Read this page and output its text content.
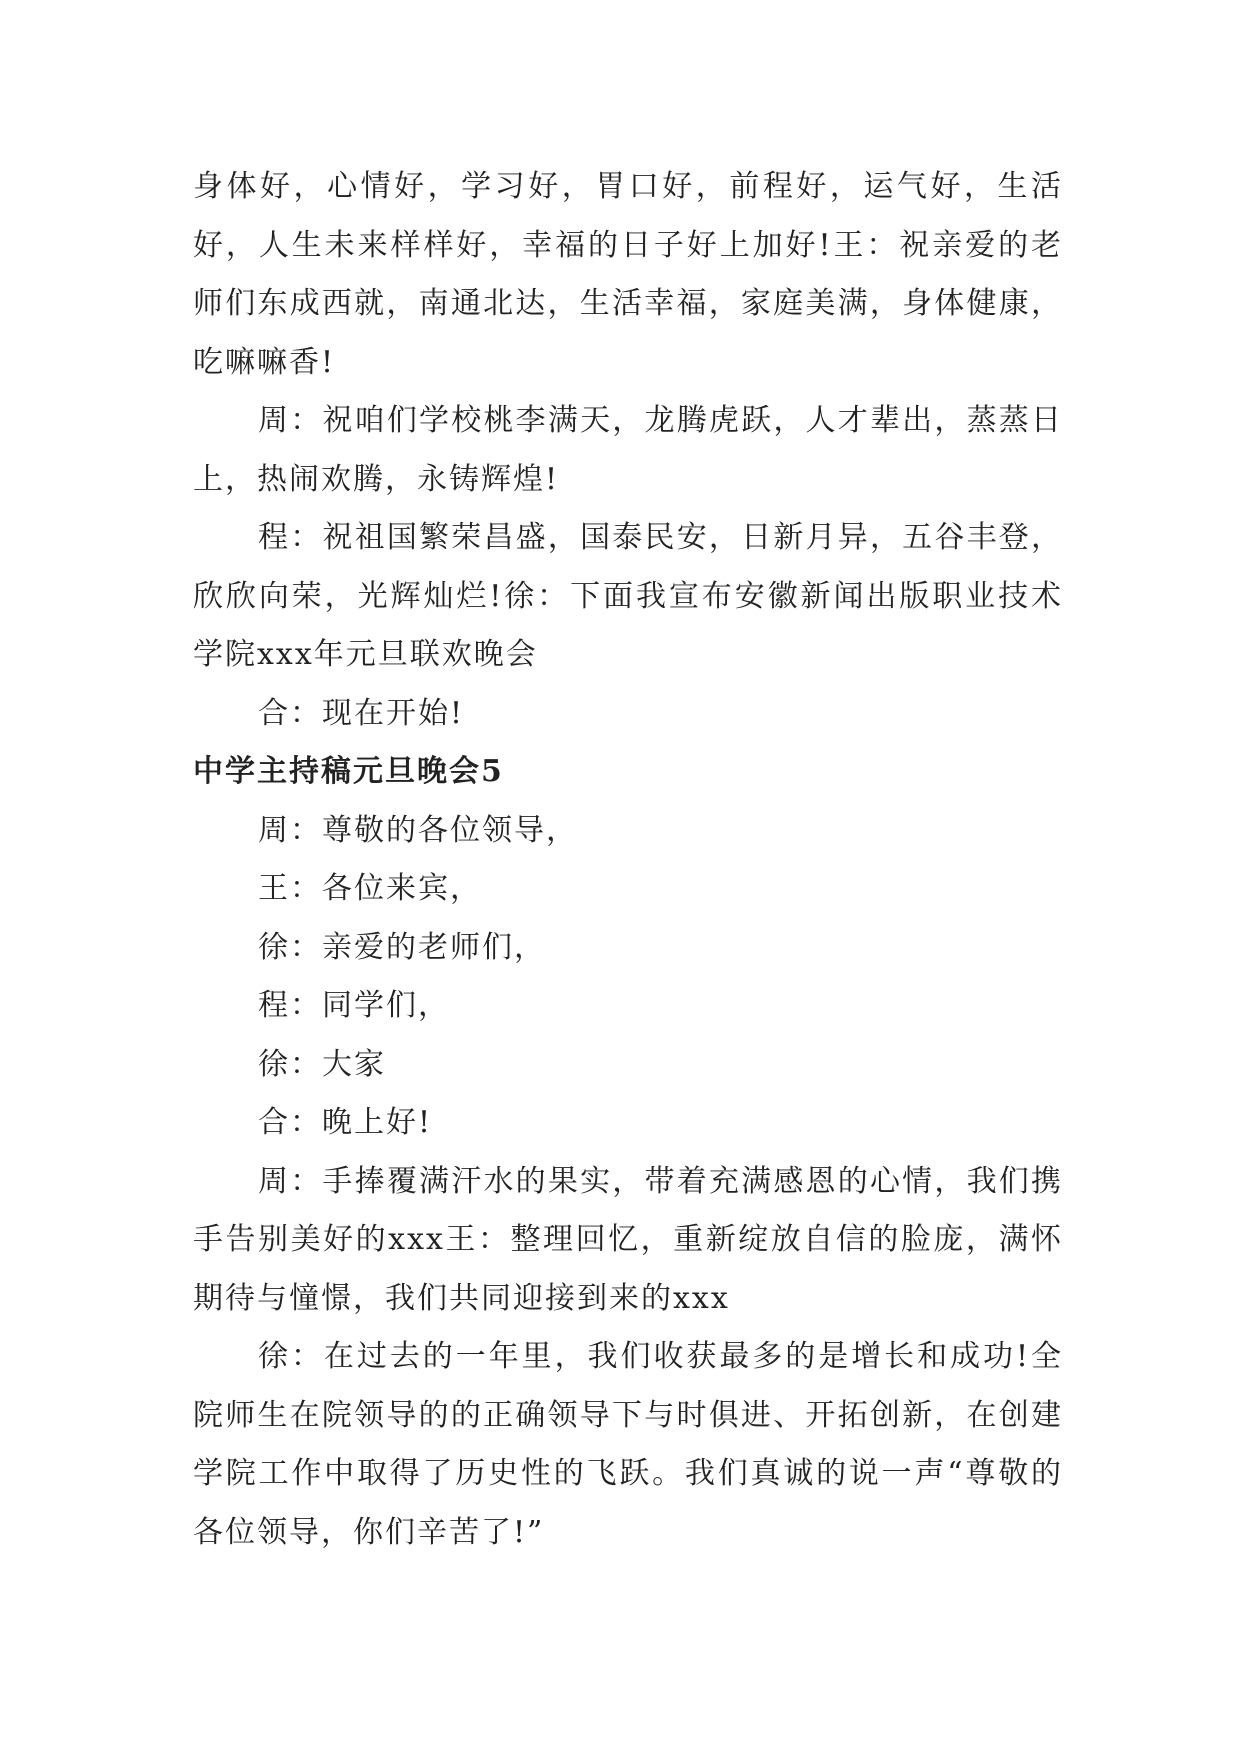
身体好，心情好，学习好，胃口好，前程好，运气好，生活好，人生未来样样好，幸福的日子好上加好!王：祝亲爱的老师们东成西就，南通北达，生活幸福，家庭美满，身体健康，吃嘛嘛香!

周：祝咱们学校桃李满天，龙腾虎跃，人才辈出，蒸蒸日上，热闹欢腾，永铸辉煌!

程：祝祖国繁荣昌盛，国泰民安，日新月异，五谷丰登，欣欣向荣，光辉灿烂!徐：下面我宣布安徽新闻出版职业技术学院xxx年元旦联欢晚会

合：现在开始!

中学主持稿元旦晚会5

周：尊敬的各位领导，

王：各位来宾，

徐：亲爱的老师们，

程：同学们，

徐：大家

合：晚上好!

周：手捧覆满汗水的果实，带着充满感恩的心情，我们携手告别美好的xxx王：整理回忆，重新绽放自信的脸庞，满怀期待与憧憬，我们共同迎接到来的xxx

徐：在过去的一年里，我们收获最多的是增长和成功!全院师生在院领导的的正确领导下与时俱进、开拓创新，在创建学院工作中取得了历史性的飞跃。我们真诚的说一声“尊敬的各位领导，你们辛苦了!”
